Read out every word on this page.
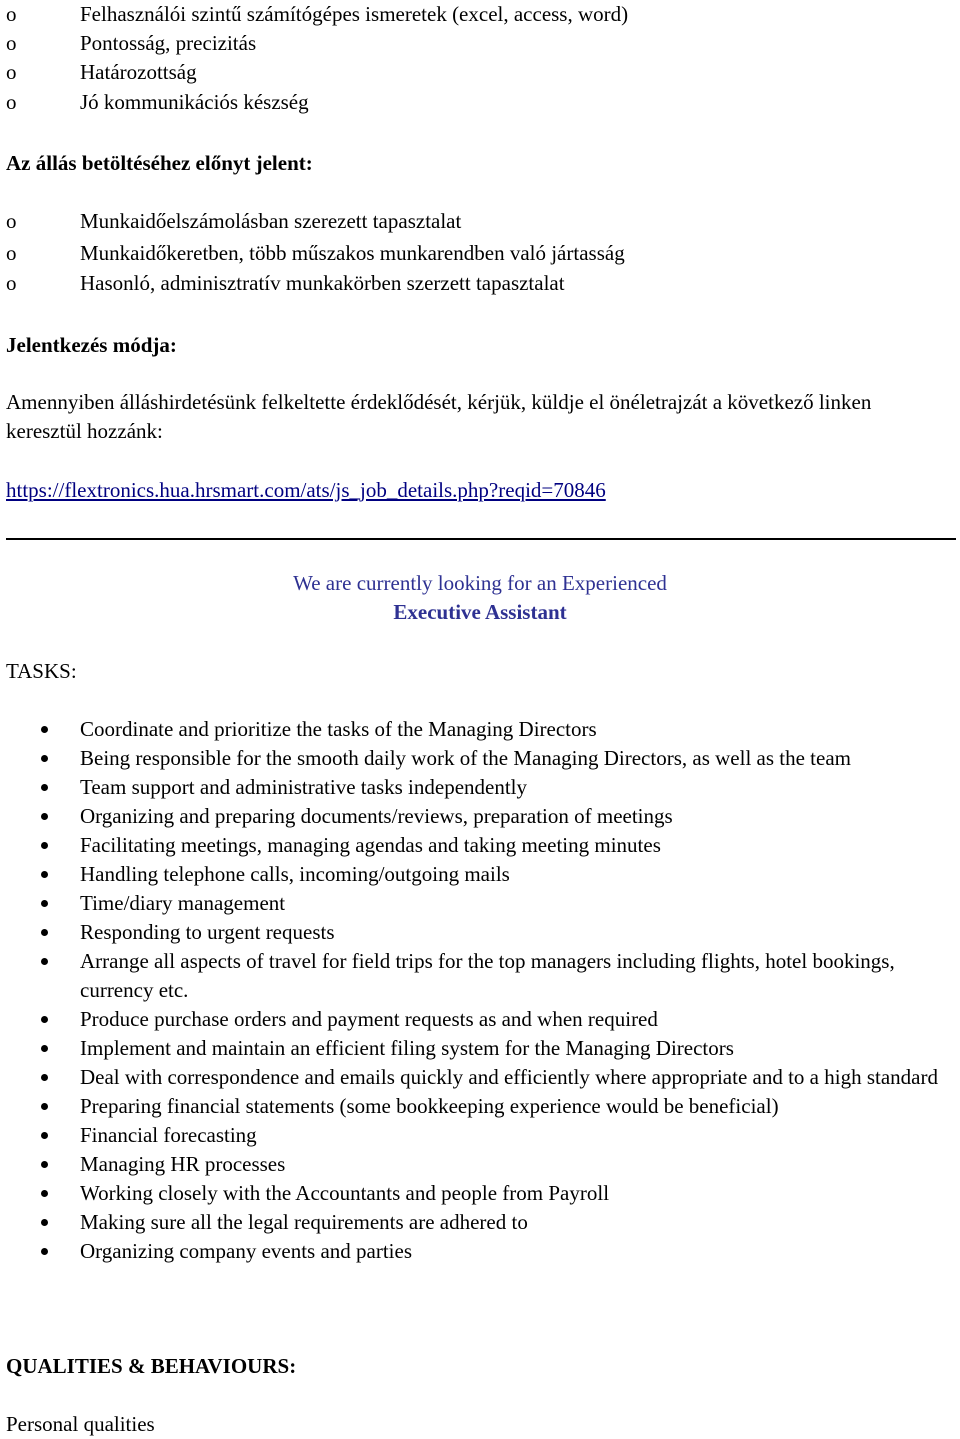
o	Felhasználói szintű számítógépes ismeretek (excel, access, word)
o	Pontosság, precizitás
o	Határozottság
o	Jó kommunikációs készség
Az állás betöltéséhez előnyt jelent:
o	Munkaidőelszámolásban szerezett tapasztalat
o	Munkaidőkeretben, több műszakos munkarendben való jártasság
o	Hasonló, adminisztratív munkakörben szerzett tapasztalat
Jelentkezés módja:
Amennyiben álláshirdetésünk felkeltette érdeklődését, kérjük, küldje el önéletrajzát a következő linken keresztül hozzánk:
https://flextronics.hua.hrsmart.com/ats/js_job_details.php?reqid=70846
We are currently looking for an Experienced
Executive Assistant
TASKS:

Coordinate and prioritize the tasks of the Managing Directors

Being responsible for the smooth daily work of the Managing Directors, as well as the team

Team support and administrative tasks independently

Organizing and preparing documents/reviews, preparation of meetings

Facilitating meetings, managing agendas and taking meeting minutes

Handling telephone calls, incoming/outgoing mails

Time/diary management

Responding to urgent requests

Arrange all aspects of travel for field trips for the top managers including flights, hotel bookings, currency etc.

Produce purchase orders and payment requests as and when required

Implement and maintain an efficient filing system for the Managing Directors

Deal with correspondence and emails quickly and efficiently where appropriate and to a high standard

Preparing financial statements (some bookkeeping experience would be beneficial)

Financial forecasting

Managing HR processes

Working closely with the Accountants and people from Payroll

Making sure all the legal requirements are adhered to

Organizing company events and parties

QUALITIES & BEHAVIOURS:
Personal qualities
